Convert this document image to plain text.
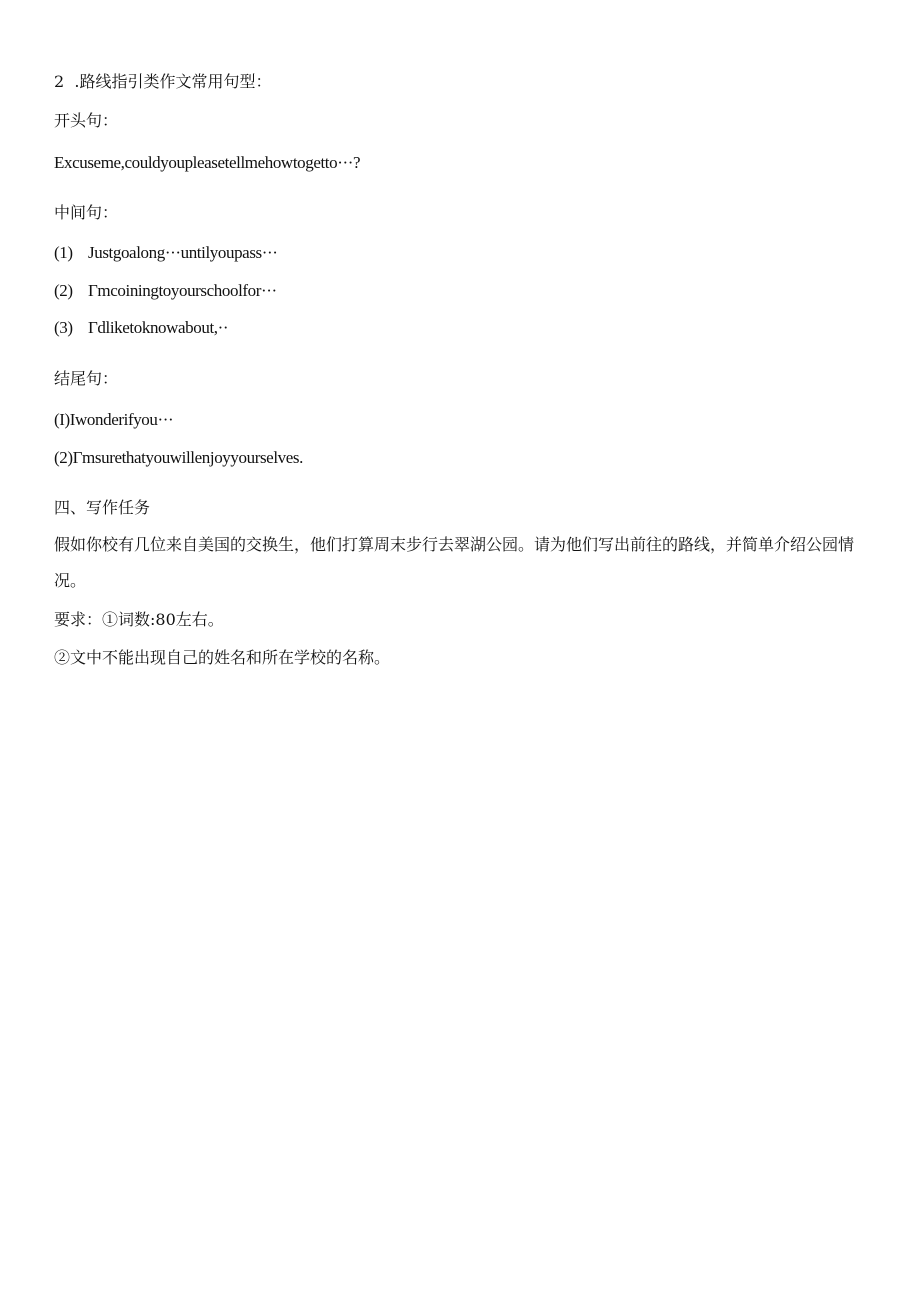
2  .路线指引类作文常用句型：
开头句：
Excuseme,couldyoupleasetellmehowtogetto···?
中间句：
(1) Justgoalong···untilyoupass···
(2) Γmcoiningtoyourschoolfor···
(3) Γdliketoknowabout,··
结尾句：
(I)Iwonderifyou···
(2)Γmsurethatyouwillenjoyyourselves.
四、写作任务
假如你校有几位来自美国的交换生，他们打算周末步行去翠湖公园。请为他们写出前往的路线，并简单介绍公园情况。
要求：①词数:80左右。
②文中不能出现自己的姓名和所在学校的名称。
